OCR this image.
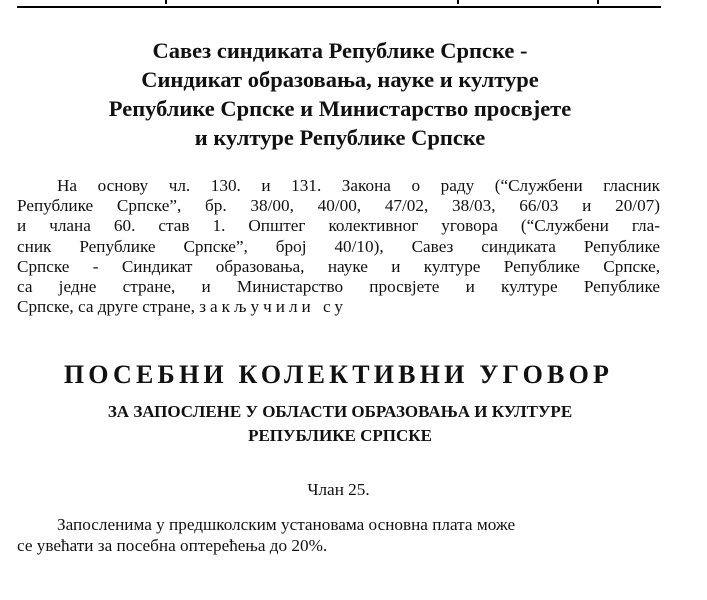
Савез синдиката Републике Српске -
Синдикат образовања, науке и културе
Републике Српске и Министарство просвјете
и културе Републике Српске
На основу чл. 130. и 131. Закона о раду (“Службени гласник
Републике Српске”, бр. 38/00, 40/00, 47/02, 38/03, 66/03 и 20/07)
и члана 60. став 1. Општег колективног уговора (“Службени гла-
сник Републике Српске”, број 40/10), Савез синдиката Републике
Српске - Синдикат образовања, науке и културе Републике Српске,
са једне стране, и Министарство просвјете и културе Републике
Српске, са друге стране, закључили су
ПОСЕБНИ КОЛЕКТИВНИ УГОВОР
ЗА ЗАПОСЛЕНЕ У ОБЛАСТИ ОБРАЗОВАЊА И КУЛТУРЕ
РЕПУБЛИКЕ СРПСКЕ
Члан 25.
Запосленима у предшколским установама основна плата може
се увећати за посебна оптерећења до 20%.
